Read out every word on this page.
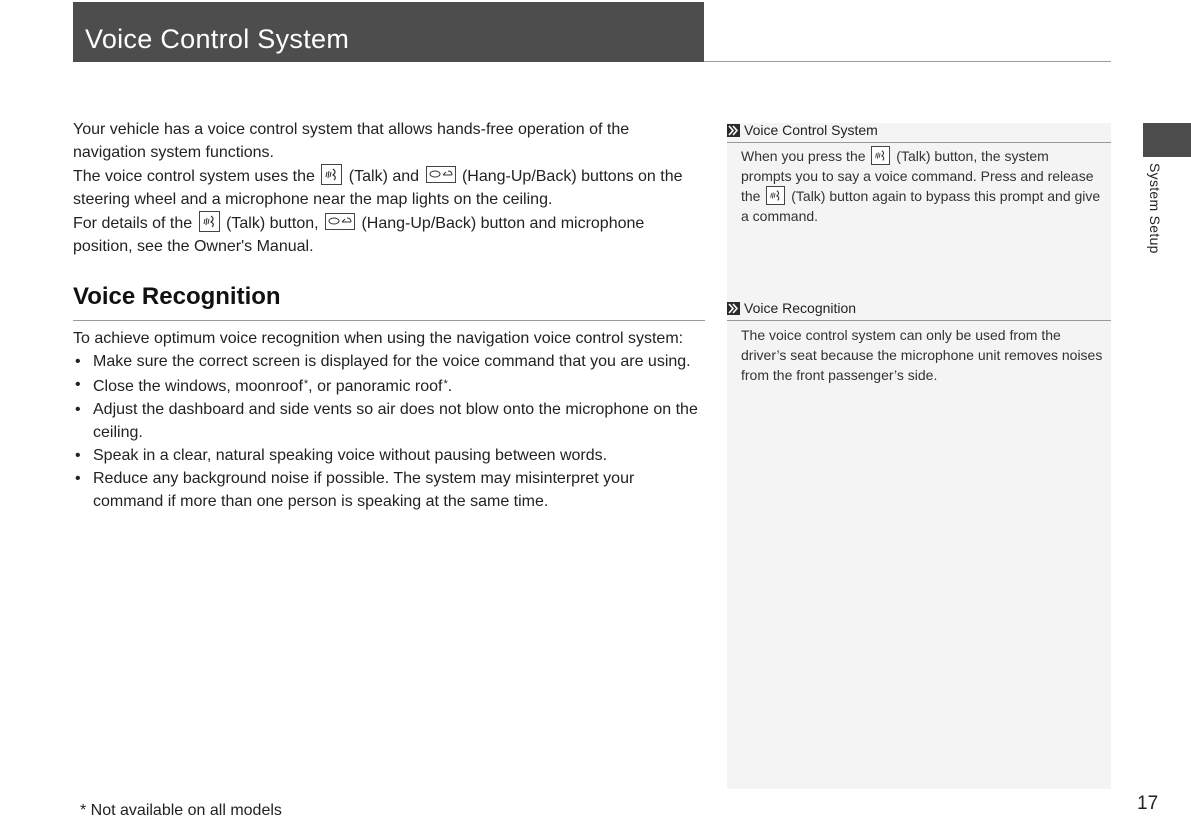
Voice Control System

Your vehicle has a voice control system that allows hands-free operation of the navigation system functions.

The voice control system uses the (Talk) and	(Hang-Up/Back) buttons on the steering wheel and a microphone near the map lights on the ceiling.

For details of the (Talk) button,	(Hang-Up/Back) button and microphone position, see the Owner's Manual.

Voice Recognition

To achieve optimum voice recognition when using the navigation voice control system:

• Make sure the correct screen is displayed for the voice command that you are using.
• Close the windows, moonroof*, or panoramic roof*.
• Adjust the dashboard and side vents so air does not blow onto the microphone on the ceiling.
• Speak in a clear, natural speaking voice without pausing between words.
• Reduce any background noise if possible. The system may misinterpret your command if more than one person is speaking at the same time.
Voice Control System

When you press the (Talk) button, the system prompts you to say a voice command. Press and release the (Talk) button again to bypass this prompt and give a command.

Voice Recognition

The voice control system can only be used from the driver’s seat because the microphone unit removes noises from the front passenger’s side.

System Setup
* Not available on all models	17
